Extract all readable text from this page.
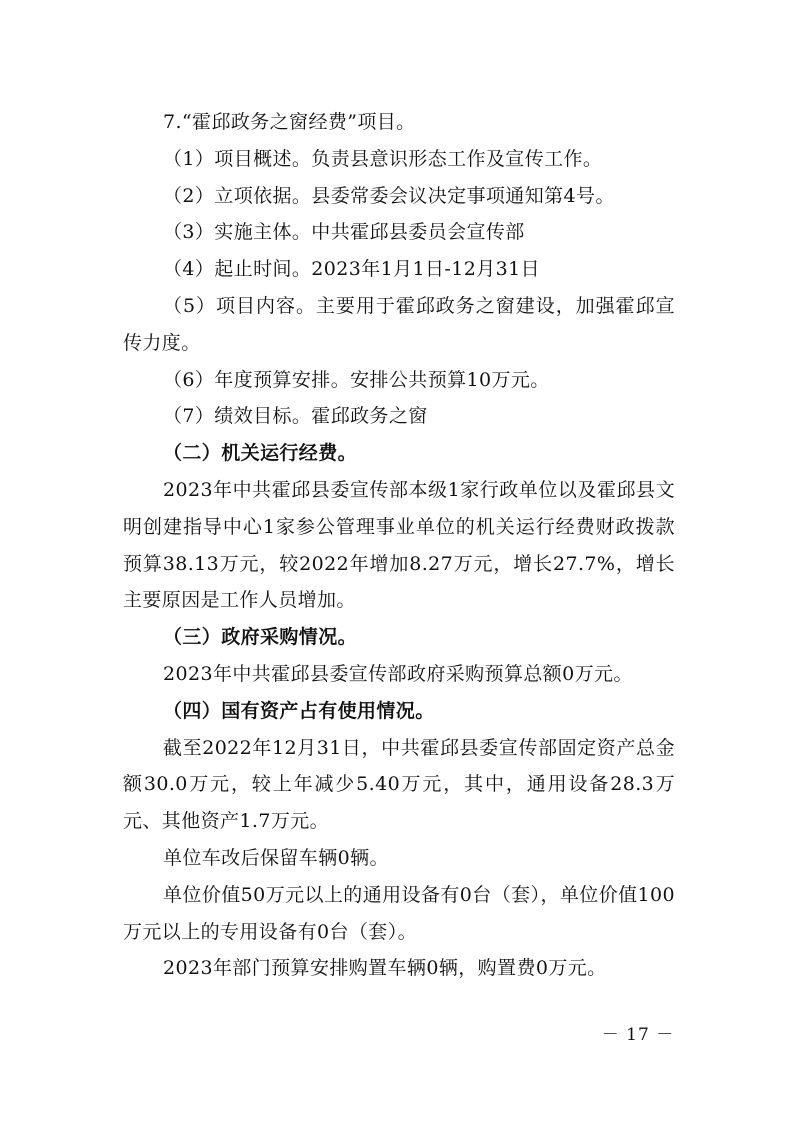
7.“霍邱政务之窗经费”项目。

（1）项目概述。负责县意识形态工作及宣传工作。

（2）立项依据。县委常委会议决定事项通知第4号。

（3）实施主体。中共霍邱县委员会宣传部

（4）起止时间。2023年1月1日-12月31日

（5）项目内容。主要用于霍邱政务之窗建设，加强霍邱宣传力度。

（6）年度预算安排。安排公共预算10万元。

（7）绩效目标。霍邱政务之窗

（二）机关运行经费。

2023年中共霍邱县委宣传部本级1家行政单位以及霍邱县文明创建指导中心1家参公管理事业单位的机关运行经费财政拨款预算38.13万元，较2022年增加8.27万元，增长27.7%，增长主要原因是工作人员增加。

（三）政府采购情况。

2023年中共霍邱县委宣传部政府采购预算总额0万元。

（四）国有资产占有使用情况。

截至2022年12月31日，中共霍邱县委宣传部固定资产总金额30.0万元，较上年减少5.40万元，其中，通用设备28.3万元、其他资产1.7万元。

单位车改后保留车辆0辆。

单位价值50万元以上的通用设备有0台（套），单位价值100万元以上的专用设备有0台（套）。

2023年部门预算安排购置车辆0辆，购置费0万元。

－ 17 －
